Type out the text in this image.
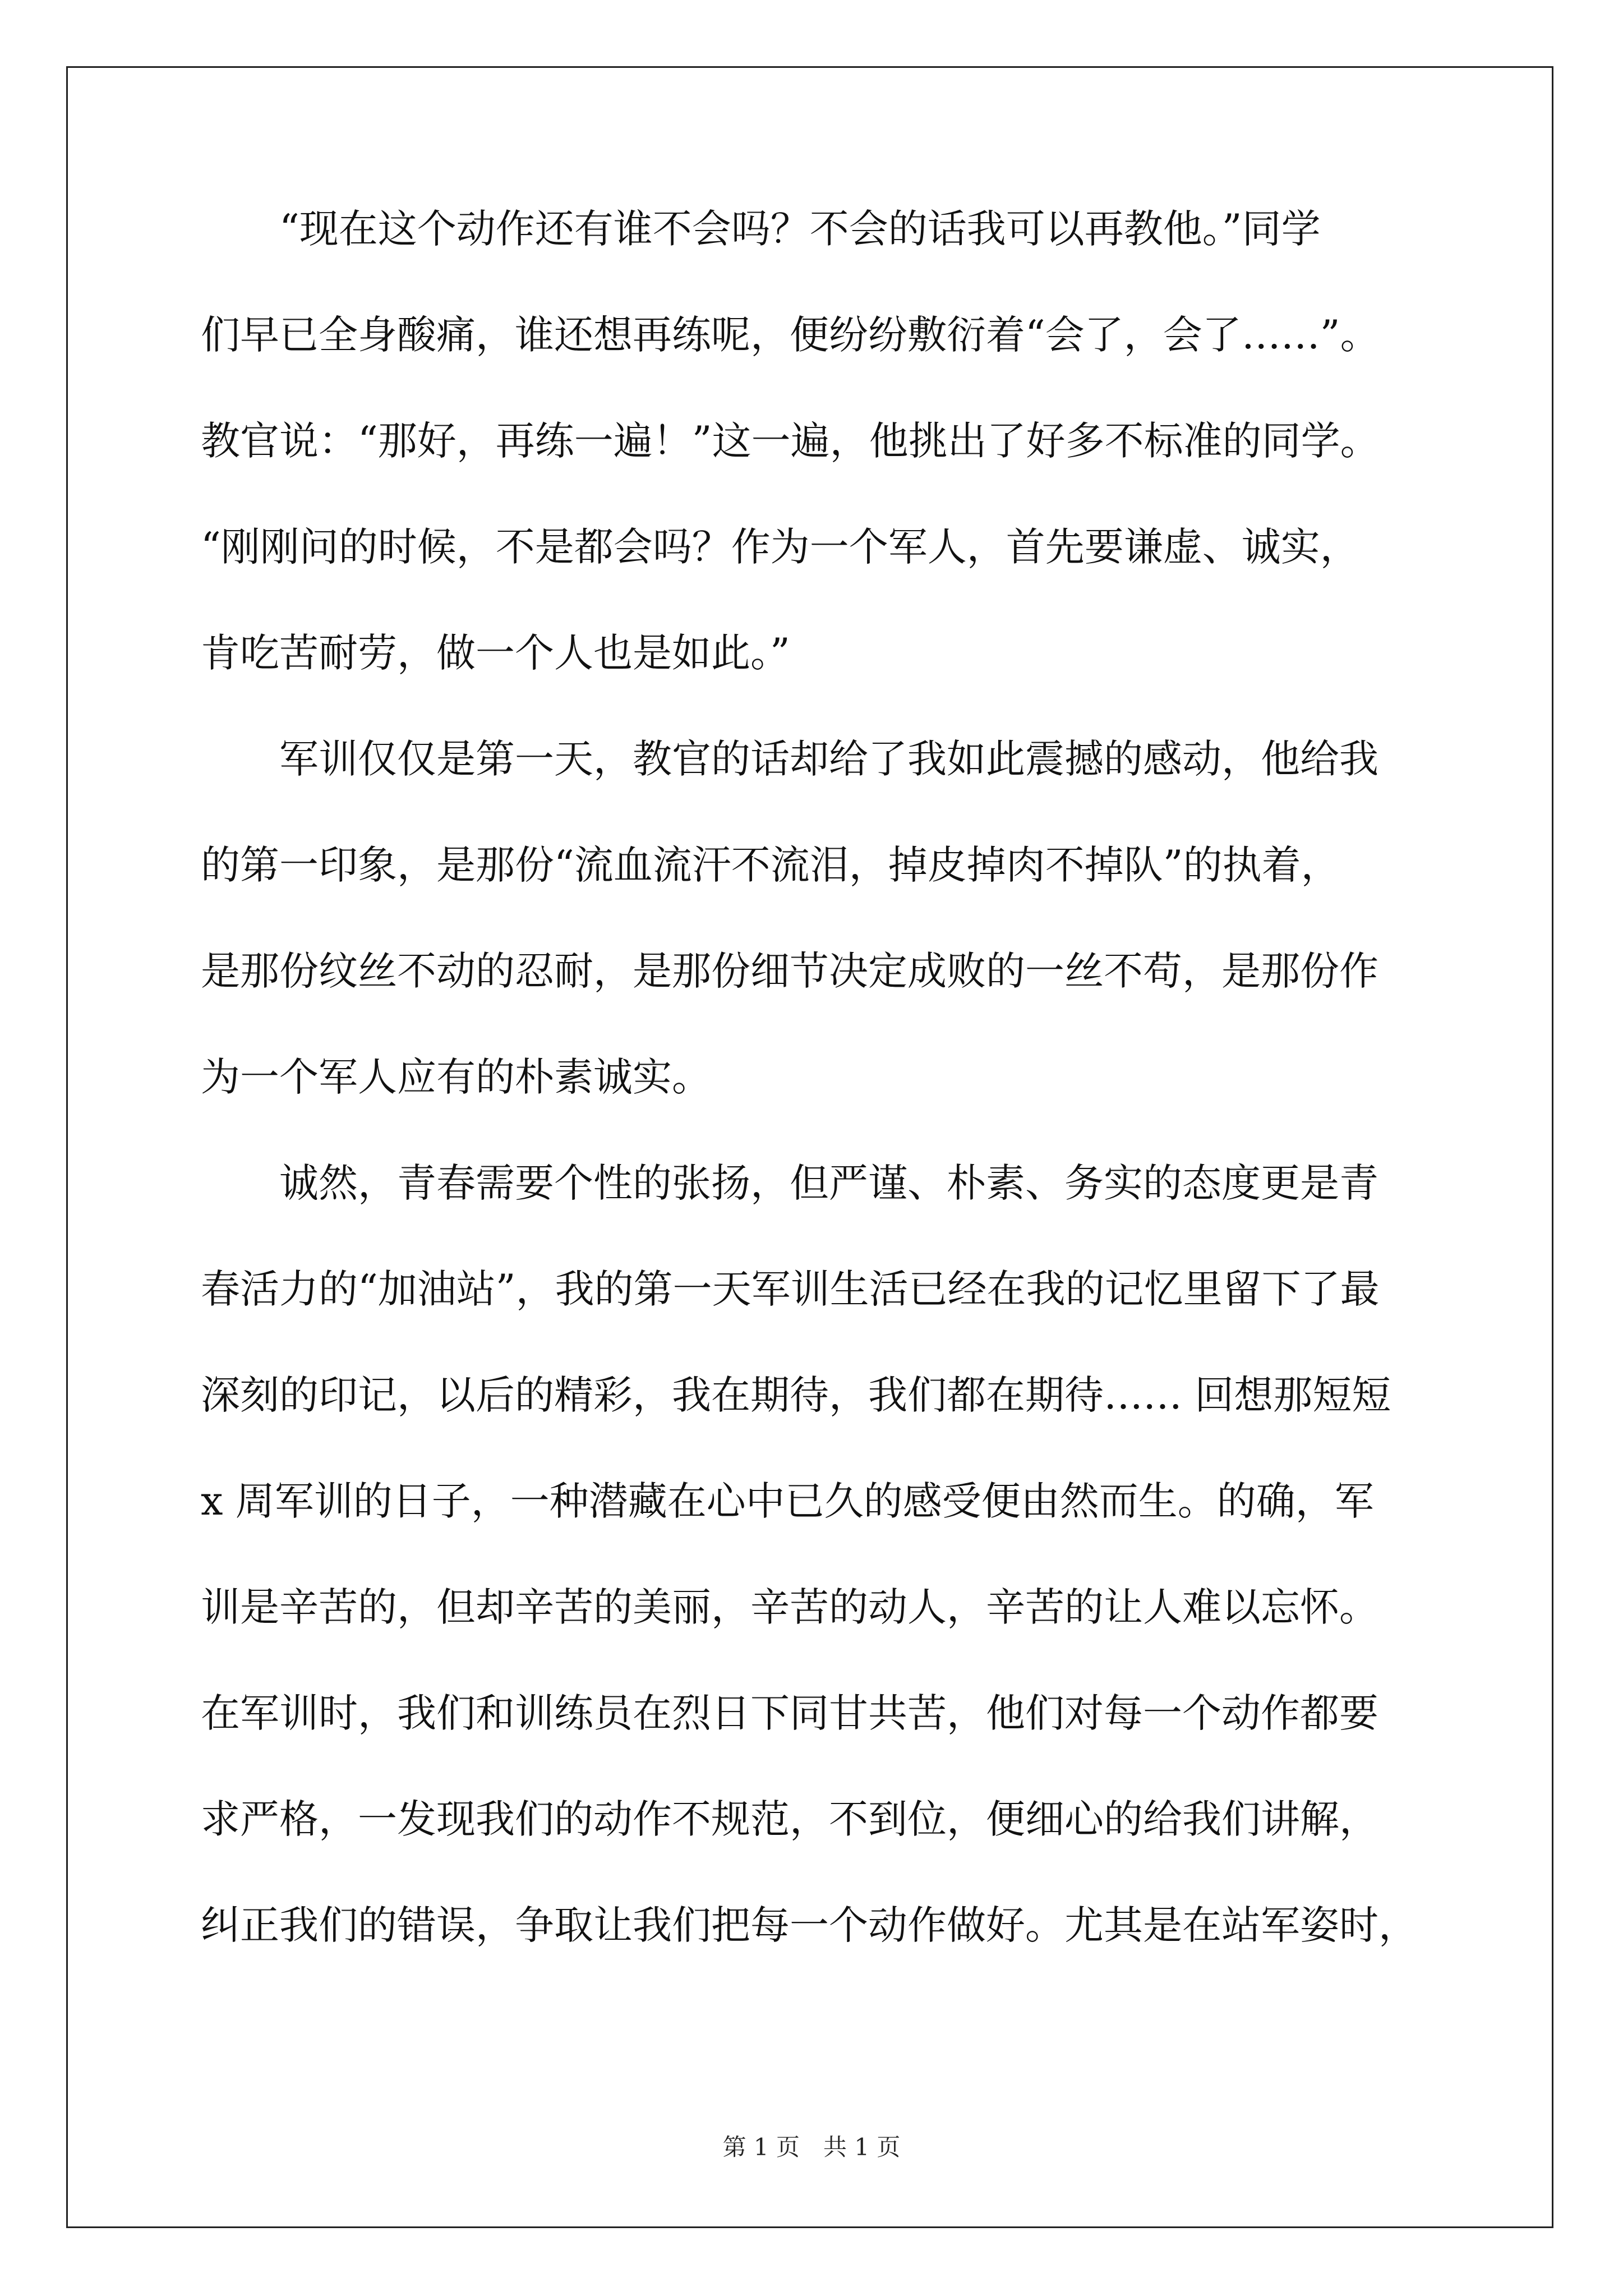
“现在这个动作还有谁不会吗？不会的话我可以再教他。”同学
们早已全身酸痛，谁还想再练呢，便纷纷敷衍着“会了，会了……”。
教官说：“那好，再练一遍！”这一遍，他挑出了好多不标准的同学。
“刚刚问的时候，不是都会吗？作为一个军人，首先要谦虚、诚实，
肯吃苦耐劳，做一个人也是如此。”
军训仅仅是第一天，教官的话却给了我如此震撼的感动，他给我
的第一印象，是那份“流血流汗不流泪，掉皮掉肉不掉队”的执着，
是那份纹丝不动的忍耐，是那份细节决定成败的一丝不苟，是那份作
为一个军人应有的朴素诚实。
诚然，青春需要个性的张扬，但严谨、朴素、务实的态度更是青
春活力的“加油站”，我的第一天军训生活已经在我的记忆里留下了最
深刻的印记，以后的精彩，我在期待，我们都在期待…… 回想那短短
x 周军训的日子，一种潜藏在心中已久的感受便由然而生。的确，军
训是辛苦的，但却辛苦的美丽，辛苦的动人，辛苦的让人难以忘怀。
在军训时，我们和训练员在烈日下同甘共苦，他们对每一个动作都要
求严格，一发现我们的动作不规范，不到位，便细心的给我们讲解，
纠正我们的错误，争取让我们把每一个动作做好。尤其是在站军姿时，
第 1 页　共 1 页
